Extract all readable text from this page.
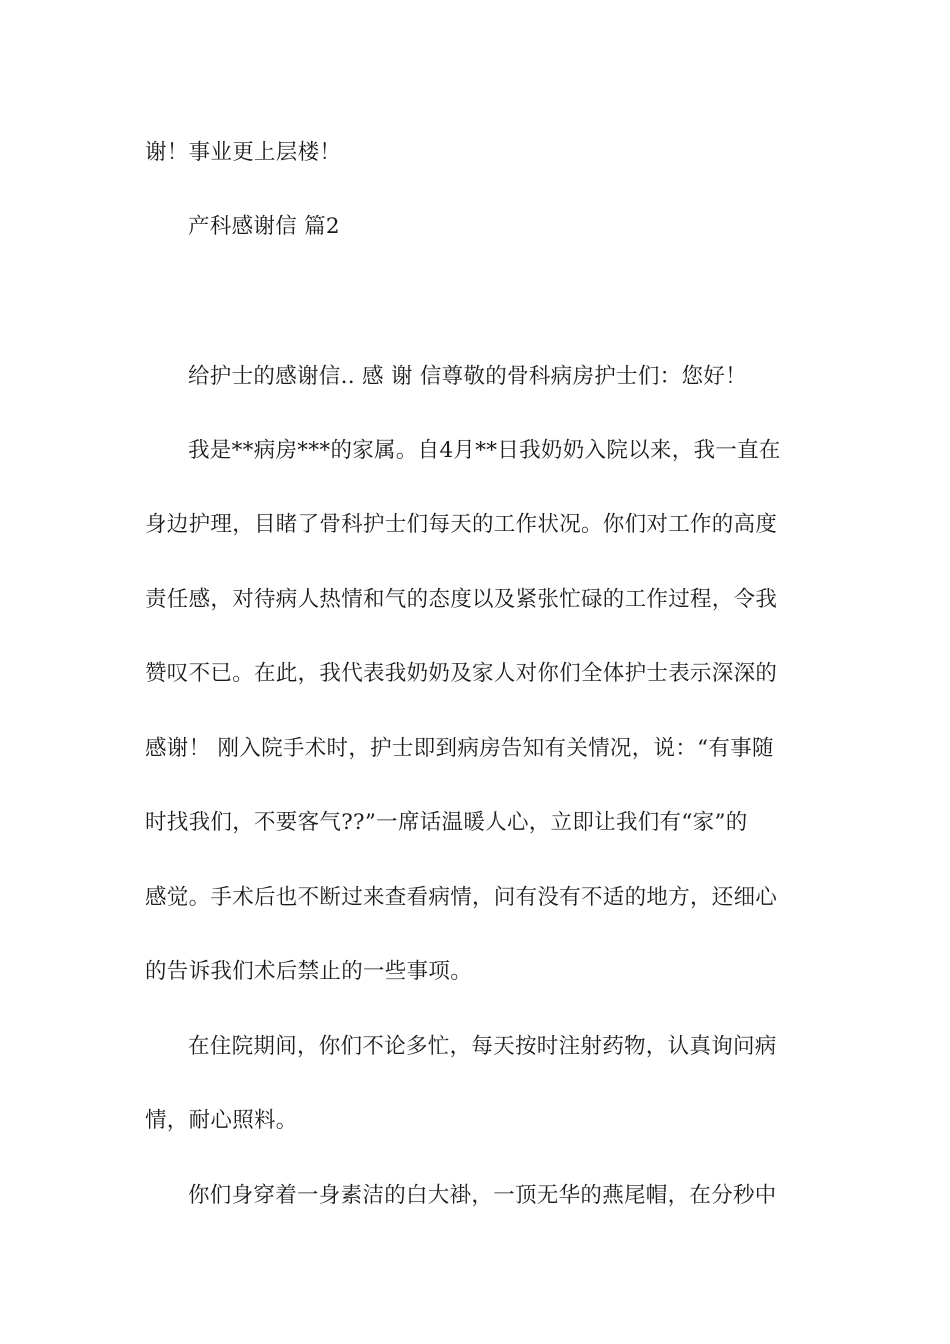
谢！事业更上层楼！
产科感谢信 篇2
给护士的感谢信.. 感 谢 信尊敬的骨科病房护士们：您好！
我是**病房***的家属。自4月**日我奶奶入院以来，我一直在
身边护理，目睹了骨科护士们每天的工作状况。你们对工作的高度
责任感，对待病人热情和气的态度以及紧张忙碌的工作过程，令我
赞叹不已。在此，我代表我奶奶及家人对你们全体护士表示深深的
感谢！ 刚入院手术时，护士即到病房告知有关情况，说：“有事随
时找我们，不要客气??”一席话温暖人心，立即让我们有“家”的
感觉。手术后也不断过来查看病情，问有没有不适的地方，还细心
的告诉我们术后禁止的一些事项。
在住院期间，你们不论多忙，每天按时注射药物，认真询问病
情，耐心照料。
你们身穿着一身素洁的白大褂，一顶无华的燕尾帽，在分秒中
